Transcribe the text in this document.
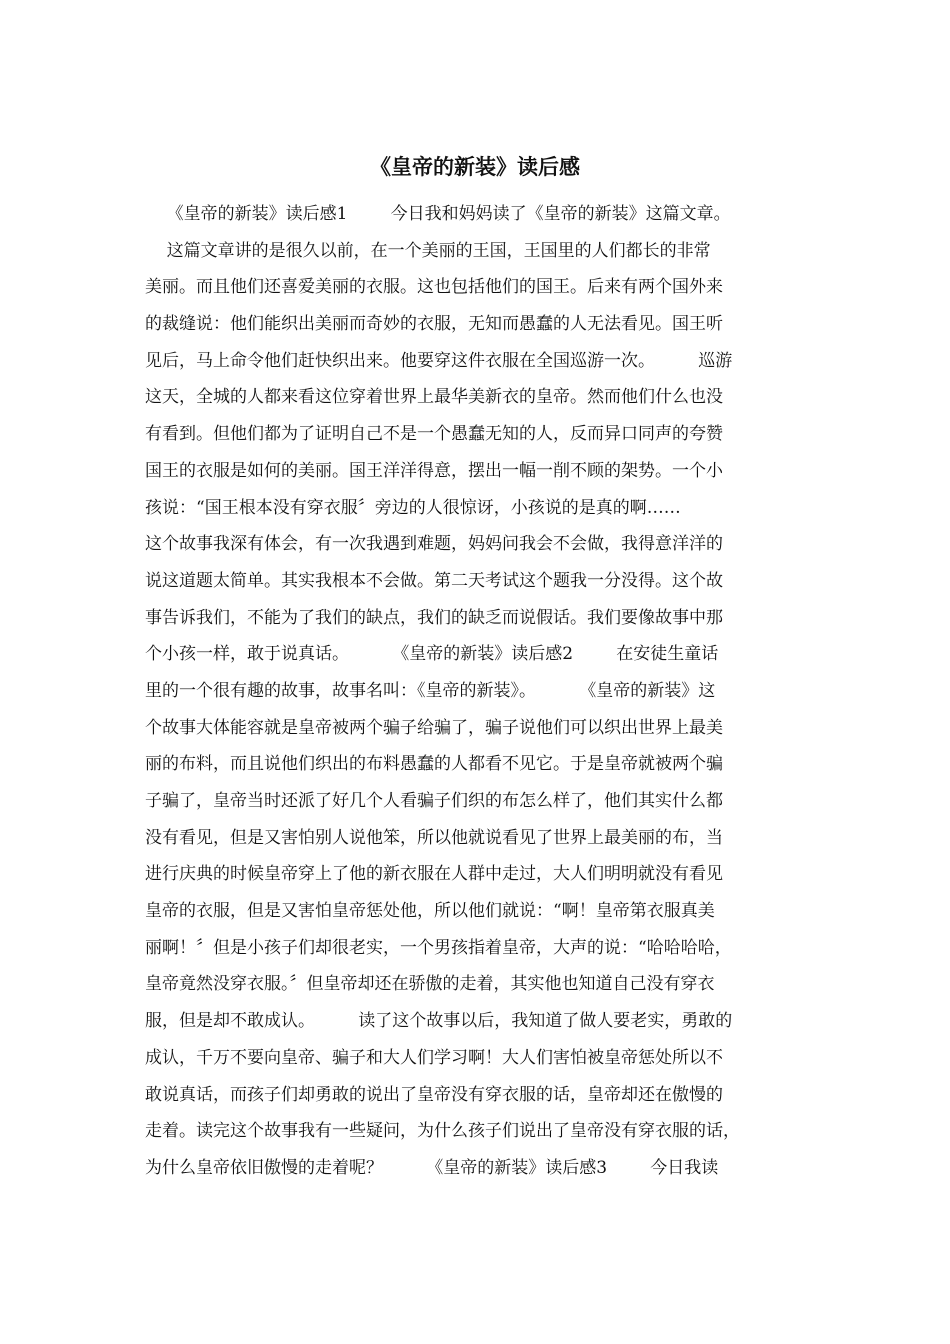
《皇帝的新装》读后感
《皇帝的新装》读后感1        今日我和妈妈读了《皇帝的新装》这篇文章。
这篇文章讲的是很久以前，在一个美丽的王国，王国里的人们都长的非常
美丽。而且他们还喜爱美丽的衣服。这也包括他们的国王。后来有两个国外来
的裁缝说：他们能织出美丽而奇妙的衣服，无知而愚蠢的人无法看见。国王听
见后，马上命令他们赶快织出来。他要穿这件衣服在全国巡游一次。        巡游
这天，全城的人都来看这位穿着世界上最华美新衣的皇帝。然而他们什么也没
有看到。但他们都为了证明自己不是一个愚蠢无知的人，反而异口同声的夸赞
国王的衣服是如何的美丽。国王洋洋得意，摆出一幅一削不顾的架势。一个小
孩说：“国王根本没有穿衣服〞旁边的人很惊讶，小孩说的是真的啊……
这个故事我深有体会，有一次我遇到难题，妈妈问我会不会做，我得意洋洋的
说这道题太简单。其实我根本不会做。第二天考试这个题我一分没得。这个故
事告诉我们，不能为了我们的缺点，我们的缺乏而说假话。我们要像故事中那
个小孩一样，敢于说真话。        《皇帝的新装》读后感2        在安徒生童话
里的一个很有趣的故事，故事名叫：《皇帝的新装》。        《皇帝的新装》这
个故事大体能容就是皇帝被两个骗子给骗了，骗子说他们可以织出世界上最美
丽的布料，而且说他们织出的布料愚蠢的人都看不见它。于是皇帝就被两个骗
子骗了，皇帝当时还派了好几个人看骗子们织的布怎么样了，他们其实什么都
没有看见，但是又害怕别人说他笨，所以他就说看见了世界上最美丽的布，当
进行庆典的时候皇帝穿上了他的新衣服在人群中走过，大人们明明就没有看见
皇帝的衣服，但是又害怕皇帝惩处他，所以他们就说：“啊！皇帝第衣服真美
丽啊！〞但是小孩子们却很老实，一个男孩指着皇帝，大声的说：“哈哈哈哈，
皇帝竟然没穿衣服。〞但皇帝却还在骄傲的走着，其实他也知道自己没有穿衣
服，但是却不敢成认。        读了这个故事以后，我知道了做人要老实，勇敢的
成认，千万不要向皇帝、骗子和大人们学习啊！大人们害怕被皇帝惩处所以不
敢说真话，而孩子们却勇敢的说出了皇帝没有穿衣服的话，皇帝却还在傲慢的
走着。读完这个故事我有一些疑问，为什么孩子们说出了皇帝没有穿衣服的话，
为什么皇帝依旧傲慢的走着呢？        《皇帝的新装》读后感3        今日我读
